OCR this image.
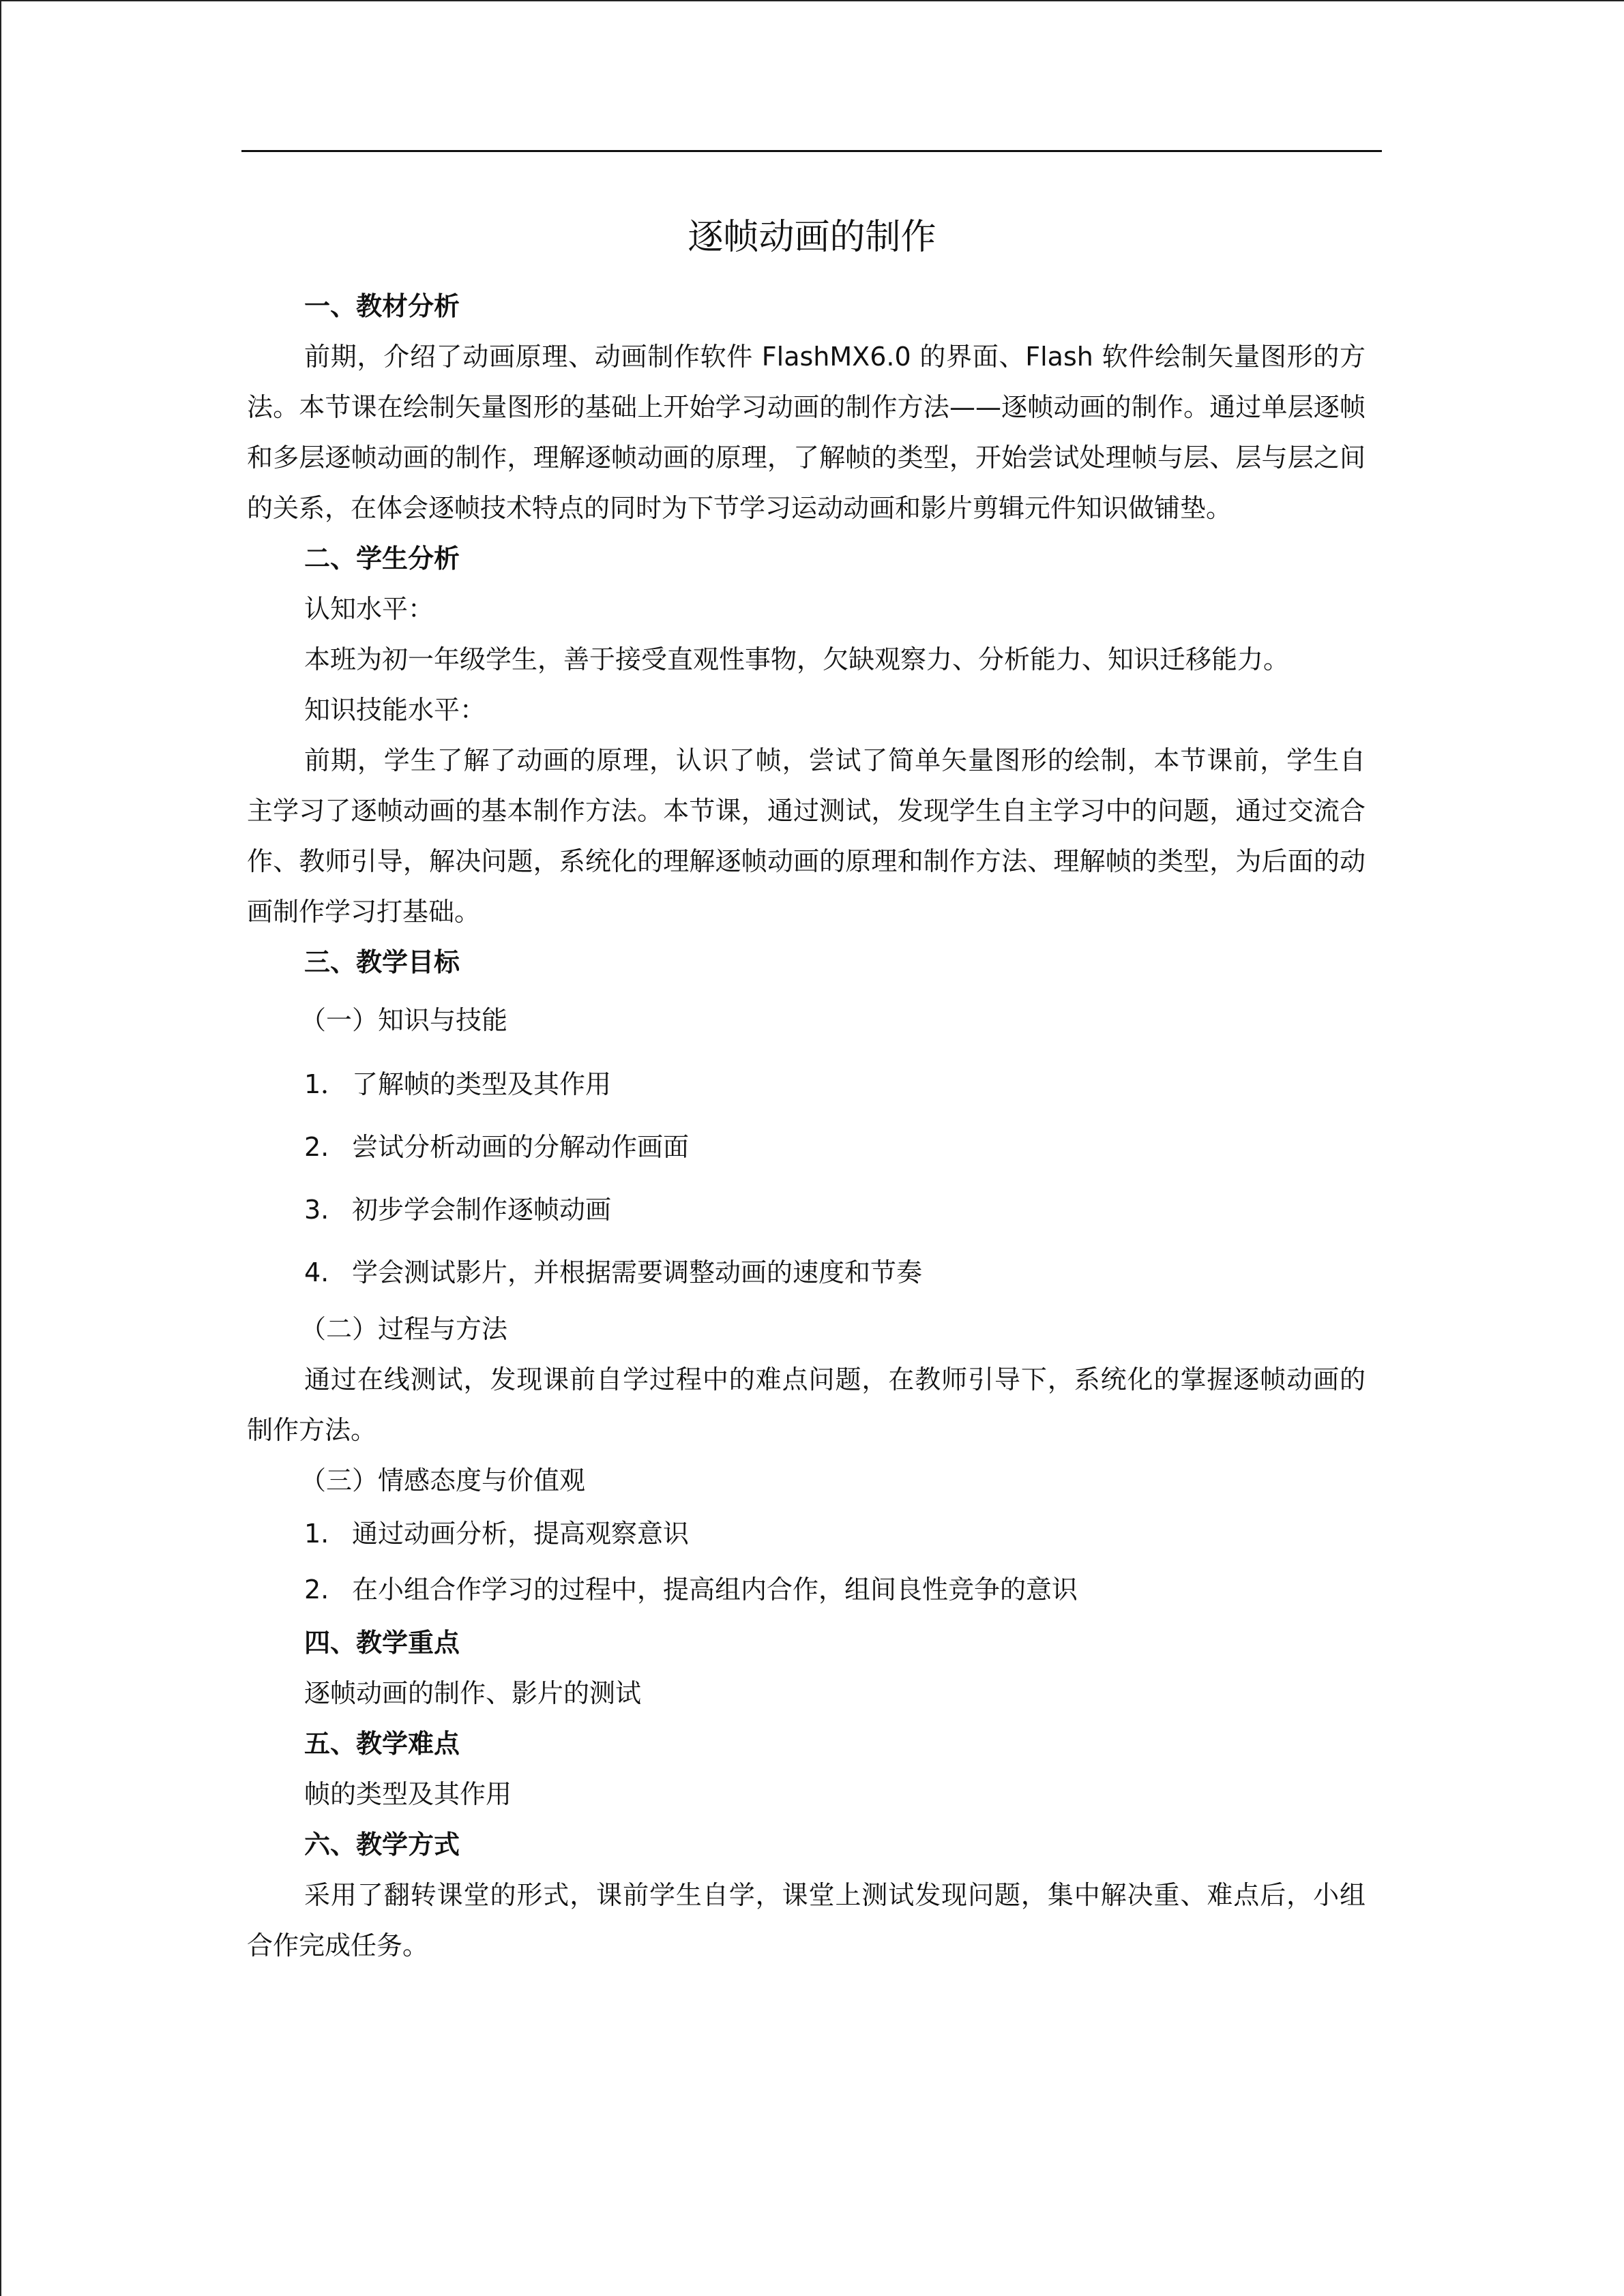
逐帧动画的制作
一、教材分析
前期，介绍了动画原理、动画制作软件 FlashMX6.0 的界面、Flash 软件绘制矢量图形的方法。本节课在绘制矢量图形的基础上开始学习动画的制作方法——逐帧动画的制作。通过单层逐帧和多层逐帧动画的制作，理解逐帧动画的原理，了解帧的类型，开始尝试处理帧与层、层与层之间的关系，在体会逐帧技术特点的同时为下节学习运动动画和影片剪辑元件知识做铺垫。
二、学生分析
认知水平：
本班为初一年级学生，善于接受直观性事物，欠缺观察力、分析能力、知识迁移能力。
知识技能水平：
前期，学生了解了动画的原理，认识了帧，尝试了简单矢量图形的绘制，本节课前，学生自主学习了逐帧动画的基本制作方法。本节课，通过测试，发现学生自主学习中的问题，通过交流合作、教师引导，解决问题，系统化的理解逐帧动画的原理和制作方法、理解帧的类型，为后面的动画制作学习打基础。
三、教学目标
（一）知识与技能
1． 了解帧的类型及其作用
2. 尝试分析动画的分解动作画面
3. 初步学会制作逐帧动画
4. 学会测试影片，并根据需要调整动画的速度和节奏
（二）过程与方法
通过在线测试，发现课前自学过程中的难点问题，在教师引导下，系统化的掌握逐帧动画的制作方法。
（三）情感态度与价值观
1. 通过动画分析，提高观察意识
2. 在小组合作学习的过程中，提高组内合作，组间良性竞争的意识
四、教学重点
逐帧动画的制作、影片的测试
五、教学难点
帧的类型及其作用
六、教学方式
采用了翻转课堂的形式，课前学生自学，课堂上测试发现问题，集中解决重、难点后，小组合作完成任务。
